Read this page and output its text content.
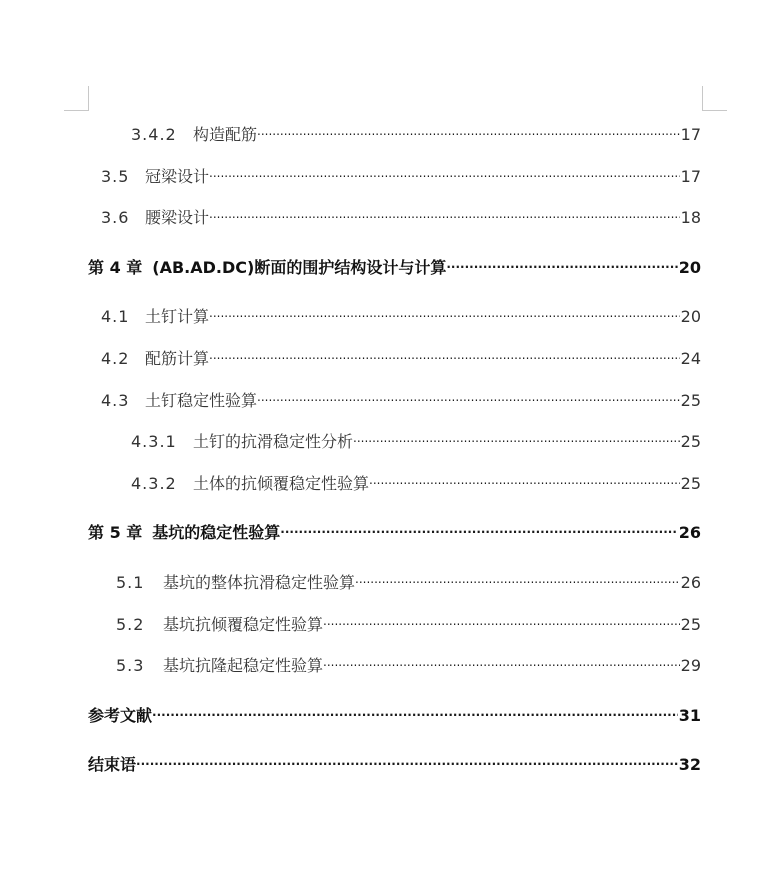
3.4.2	构造配筋 .....	17
3.5 冠梁设计 .....	17
3.6 腰梁设计 .....	18
第 4 章 (AB.AD.DC)断面的围护结构设计与计算 .....	20
4.1 土钉计算 .....	20
4.2 配筋计算 .....	24
4.3 土钉稳定性验算 .....	25
4.3.1	土钉的抗滑稳定性分析 .....	25
4.3.2	土体的抗倾覆稳定性验算 .....	25
第 5 章 基坑的稳定性验算 .....	26
5.1	基坑的整体抗滑稳定性验算 .....	26
5.2	基坑抗倾覆稳定性验算 .....	25
5.3	基坑抗隆起稳定性验算 .....	29
参考文献 .....	31
结束语 .....	32
